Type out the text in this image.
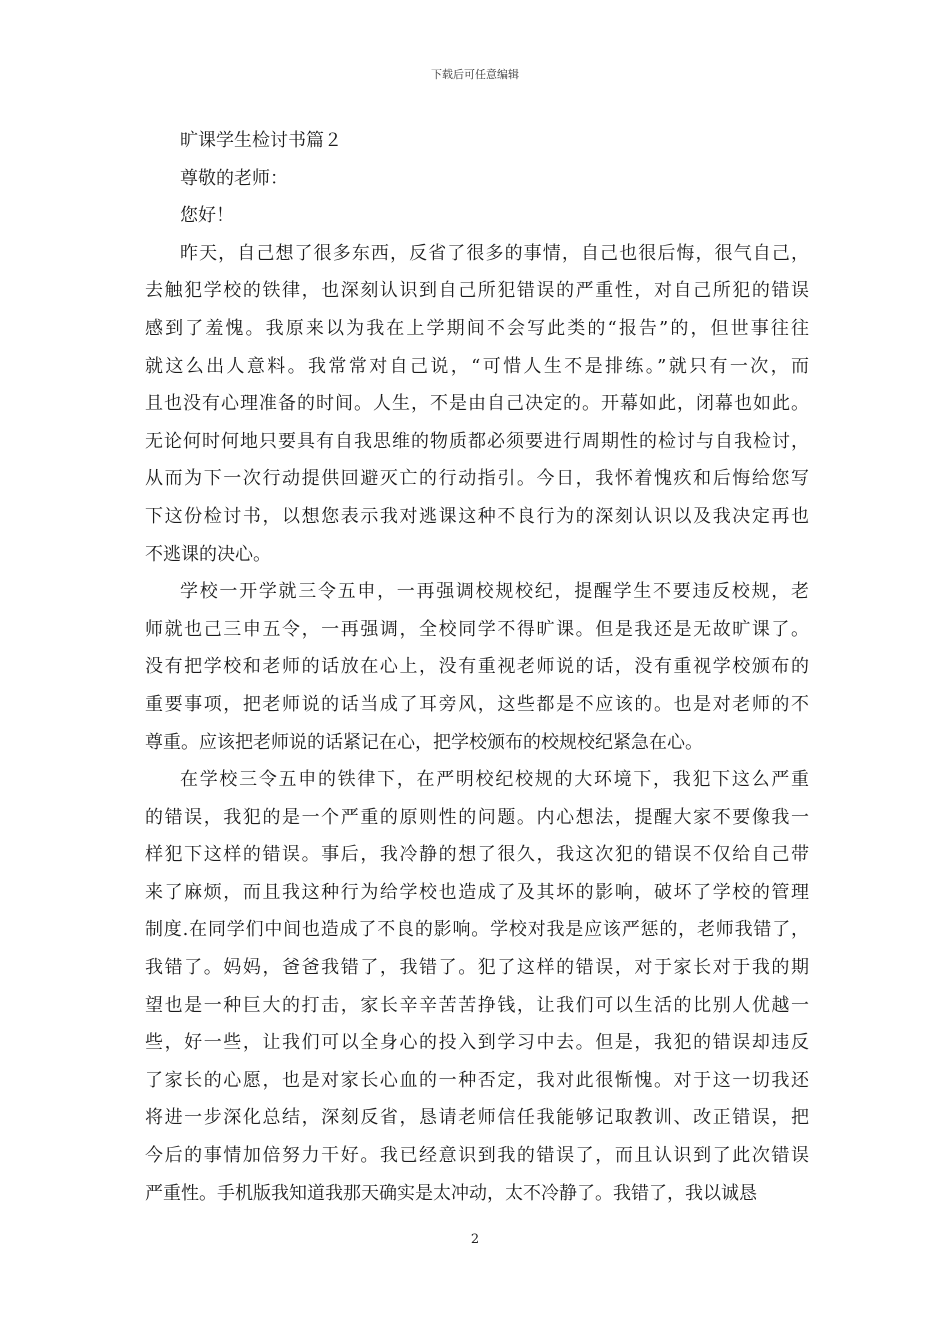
下载后可任意编辑
旷课学生检讨书篇２
尊敬的老师：
您好！
昨天，自己想了很多东西，反省了很多的事情，自己也很后悔，很气自己，
去触犯学校的铁律，也深刻认识到自己所犯错误的严重性，对自己所犯的错误
感到了羞愧。我原来以为我在上学期间不会写此类的“报告”的，但世事往往
就这么出人意料。我常常对自己说，“可惜人生不是排练。”就只有一次，而
且也没有心理准备的时间。人生，不是由自己决定的。开幕如此，闭幕也如此。
无论何时何地只要具有自我思维的物质都必须要进行周期性的检讨与自我检讨，
从而为下一次行动提供回避灭亡的行动指引。今日，我怀着愧疚和后悔给您写
下这份检讨书，以想您表示我对逃课这种不良行为的深刻认识以及我决定再也
不逃课的决心。
学校一开学就三令五申，一再强调校规校纪，提醒学生不要违反校规，老
师就也己三申五令，一再强调，全校同学不得旷课。但是我还是无故旷课了。
没有把学校和老师的话放在心上，没有重视老师说的话，没有重视学校颁布的
重要事项，把老师说的话当成了耳旁风，这些都是不应该的。也是对老师的不
尊重。应该把老师说的话紧记在心，把学校颁布的校规校纪紧急在心。
在学校三令五申的铁律下，在严明校纪校规的大环境下，我犯下这么严重
的错误，我犯的是一个严重的原则性的问题。内心想法，提醒大家不要像我一
样犯下这样的错误。事后，我冷静的想了很久，我这次犯的错误不仅给自己带
来了麻烦，而且我这种行为给学校也造成了及其坏的影响，破坏了学校的管理
制度.在同学们中间也造成了不良的影响。学校对我是应该严惩的，老师我错了，
我错了。妈妈，爸爸我错了，我错了。犯了这样的错误，对于家长对于我的期
望也是一种巨大的打击，家长辛辛苦苦挣钱，让我们可以生活的比别人优越一
些，好一些，让我们可以全身心的投入到学习中去。但是，我犯的错误却违反
了家长的心愿，也是对家长心血的一种否定，我对此很惭愧。对于这一切我还
将进一步深化总结，深刻反省，恳请老师信任我能够记取教训、改正错误，把
今后的事情加倍努力干好。我已经意识到我的错误了，而且认识到了此次错误
严重性。手机版我知道我那天确实是太冲动，太不冷静了。我错了，我以诚恳
2
